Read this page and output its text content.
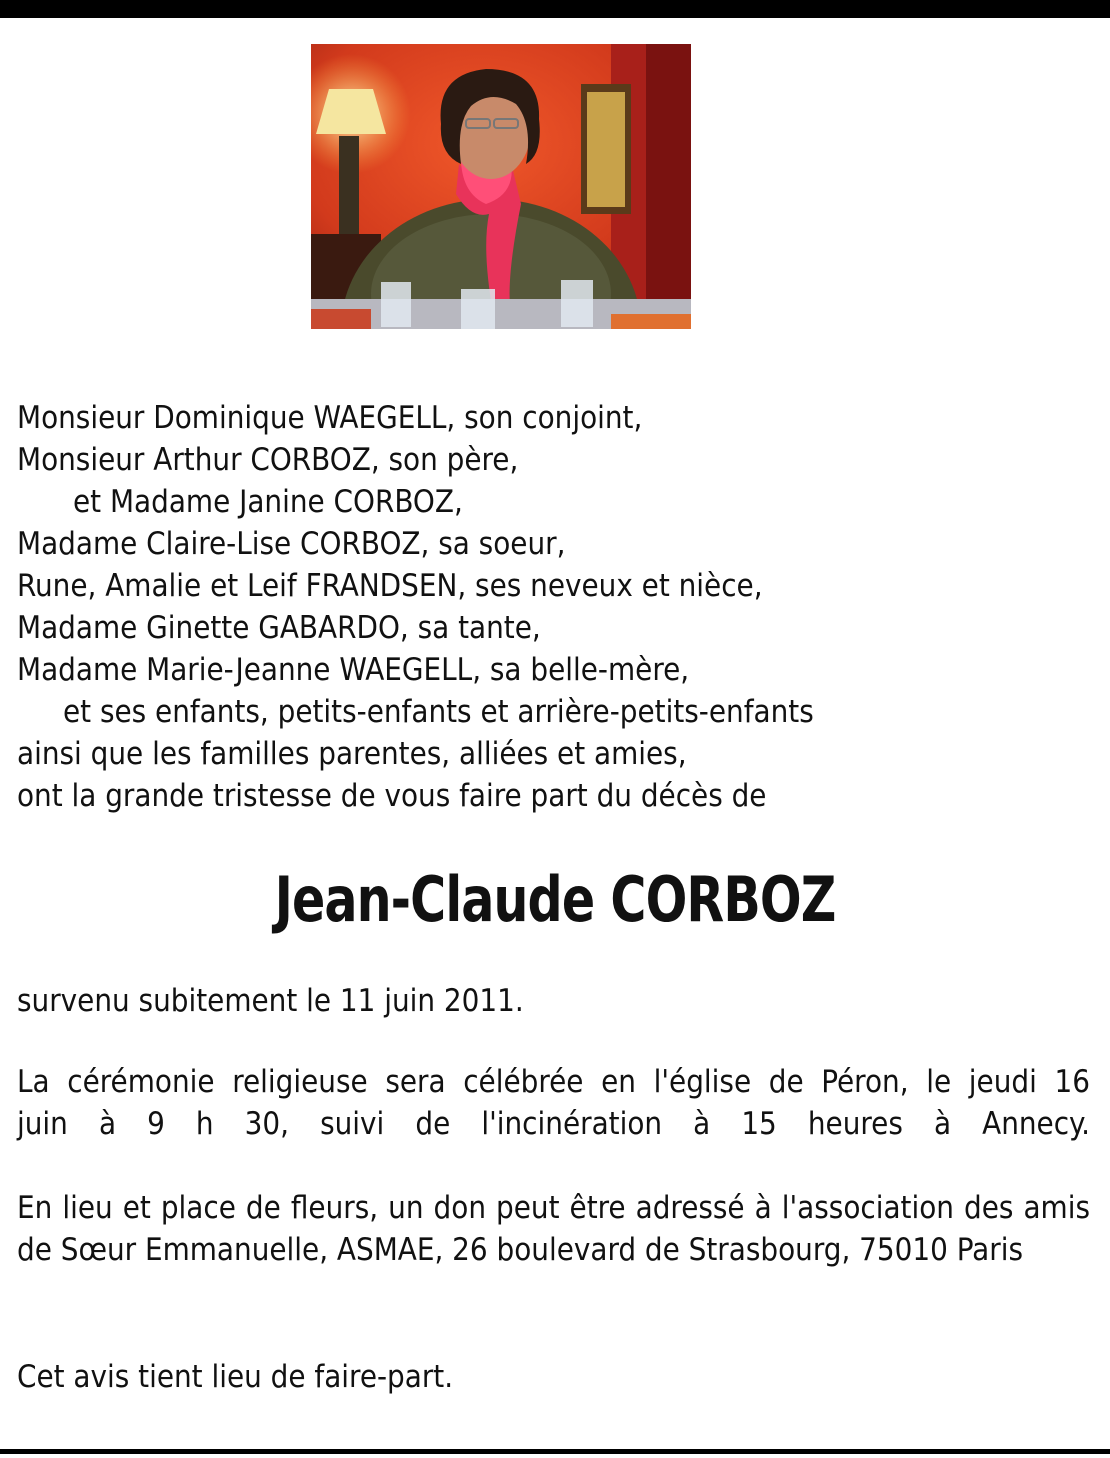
Monsieur Dominique WAEGELL, son conjoint,
Monsieur Arthur CORBOZ, son père,
et Madame Janine CORBOZ,
Madame Claire-Lise CORBOZ, sa soeur,
Rune, Amalie et Leif FRANDSEN, ses neveux et nièce,
Madame Ginette GABARDO, sa tante,
Madame Marie-Jeanne WAEGELL, sa belle-mère,
et ses enfants, petits-enfants et arrière-petits-enfants
ainsi que les familles parentes, alliées et amies,
ont la grande tristesse de vous faire part du décès de
Jean-Claude CORBOZ
survenu subitement le 11 juin 2011.
La cérémonie religieuse sera célébrée en l'église de Péron, le jeudi 16
juin à 9 h 30, suivi de l'incinération à 15 heures à Annecy.
En lieu et place de fleurs, un don peut être adressé à l'association des amis de Sœur Emmanuelle, ASMAE, 26 boulevard de Strasbourg, 75010 Paris
Cet avis tient lieu de faire-part.
